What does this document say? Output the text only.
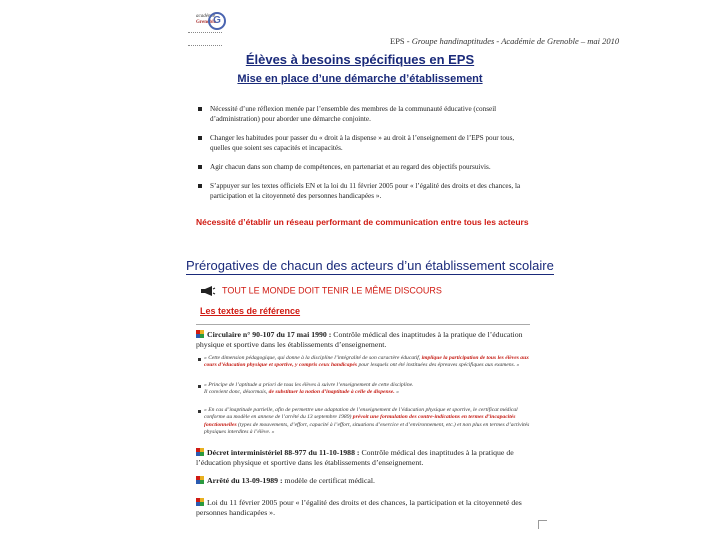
académie
Grenoble
G
EPS - Groupe handinaptitudes - Académie de Grenoble – mai 2010
Élèves à besoins spécifiques en EPS
Mise en place d’une démarche d’établissement
Nécessité d’une réflexion menée par l’ensemble des membres de la communauté éducative (conseil d’administration) pour aborder une démarche conjointe.
Changer les habitudes pour passer du « droit à la dispense » au droit à l’enseignement de l’EPS pour tous, quelles que soient ses capacités et incapacités.
Agir chacun dans son champ de compétences, en partenariat et au regard des objectifs poursuivis.
S’appuyer sur les textes officiels EN et la loi du 11 février 2005 pour « l’égalité des droits et des chances, la participation et la citoyenneté des personnes handicapées ».
Nécessité d’établir un réseau performant de communication entre tous les acteurs
Prérogatives de chacun des acteurs d’un établissement scolaire
TOUT LE MONDE DOIT TENIR LE MÊME DISCOURS
Les textes de référence
Circulaire n° 90-107 du 17 mai 1990 : Contrôle médical des inaptitudes à la pratique de l’éducation physique et sportive dans les établissements d’enseignement.
« Cette dimension pédagogique, qui donne à la discipline l’intégralité de son caractère éducatif, implique la participation de tous les élèves aux cours d’éducation physique et sportive, y compris ceux handicapés pour lesquels ont été instituées des épreuves spécifiques aux examens. »
« Principe de l’aptitude a priori de tous les élèves à suivre l’enseignement de cette discipline.
Il convient donc, désormais, de substituer la notion d’inaptitude à celle de dispense. »
« En cas d’inaptitude partielle, afin de permettre une adaptation de l’enseignement de l’éducation physique et sportive, le certificat médical conforme au modèle en annexe de l’arrêté du 13 septembre 1989) prévoit une formulation des contre-indications en termes d’incapacités fonctionnelles (types de mouvements, d’effort, capacité à l’effort, situations d’exercice et d’environnement, etc.) et non plus en termes d’activités physiques interdites à l’élève. »
Décret interministériel 88-977 du 11-10-1988 : Contrôle médical des inaptitudes à la pratique de l’éducation physique et sportive dans les établissements d’enseignement.
Arrêté du 13-09-1989 : modèle de certificat médical.
Loi du 11 février 2005 pour « l’égalité des droits et des chances, la participation et la citoyenneté des personnes handicapées ».
